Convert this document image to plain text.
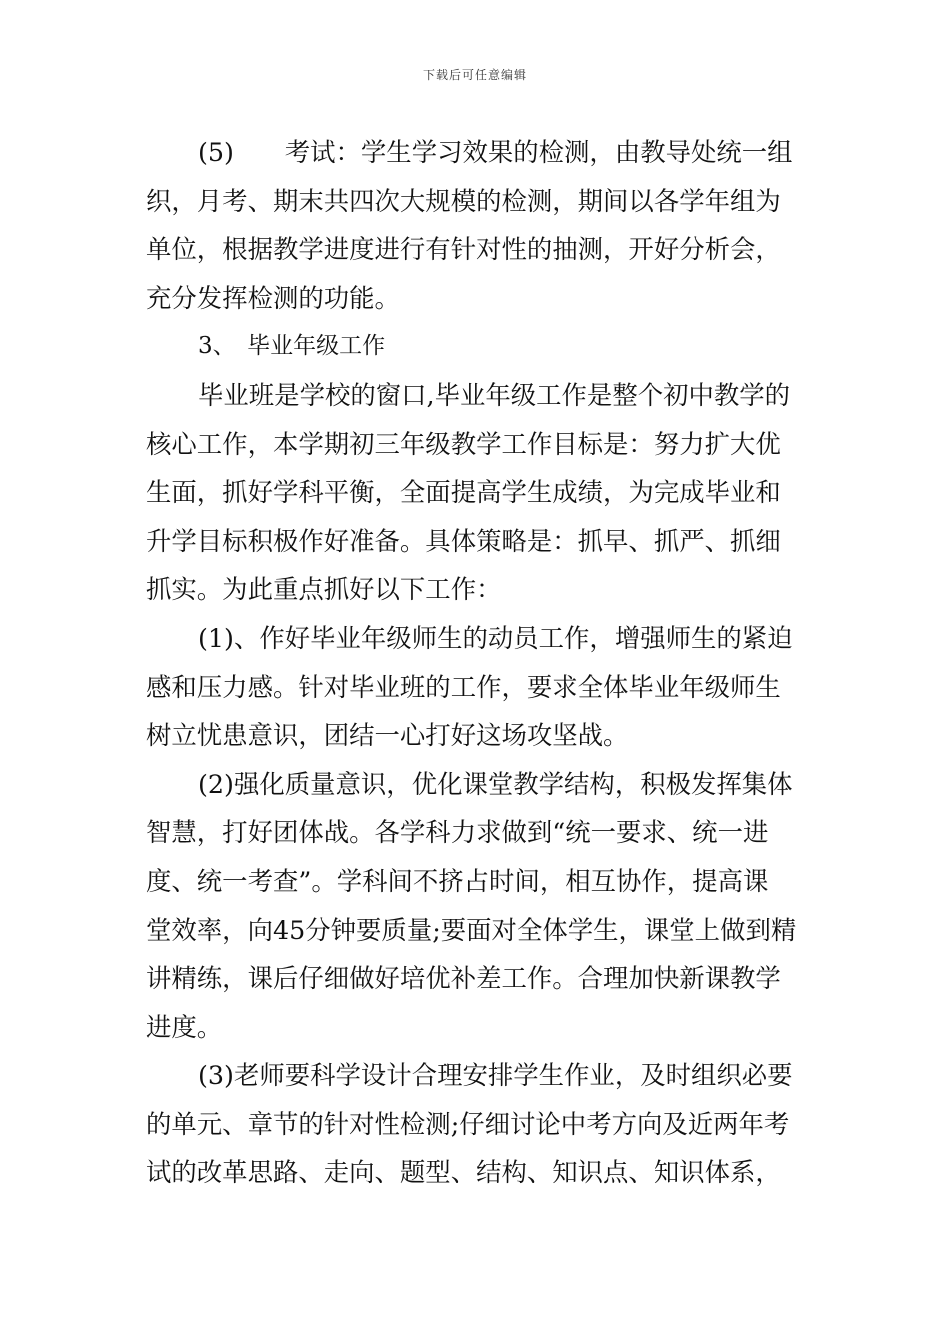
下载后可任意编辑
(5)　　考试：学生学习效果的检测，由教导处统一组
织，月考、期末共四次大规模的检测，期间以各学年组为
单位，根据教学进度进行有针对性的抽测，开好分析会，
充分发挥检测的功能。
3、　毕业年级工作
毕业班是学校的窗口,毕业年级工作是整个初中教学的
核心工作，本学期初三年级教学工作目标是：努力扩大优
生面，抓好学科平衡，全面提高学生成绩，为完成毕业和
升学目标积极作好准备。具体策略是：抓早、抓严、抓细
抓实。为此重点抓好以下工作：
(1)、作好毕业年级师生的动员工作，增强师生的紧迫
感和压力感。针对毕业班的工作，要求全体毕业年级师生
树立忧患意识，团结一心打好这场攻坚战。
(2)强化质量意识，优化课堂教学结构，积极发挥集体
智慧，打好团体战。各学科力求做到“统一要求、统一进
度、统一考查”。学科间不挤占时间，相互协作，提高课
堂效率，向45分钟要质量;要面对全体学生，课堂上做到精
讲精练，课后仔细做好培优补差工作。合理加快新课教学
进度。
(3)老师要科学设计合理安排学生作业，及时组织必要
的单元、章节的针对性检测;仔细讨论中考方向及近两年考
试的改革思路、走向、题型、结构、知识点、知识体系，
